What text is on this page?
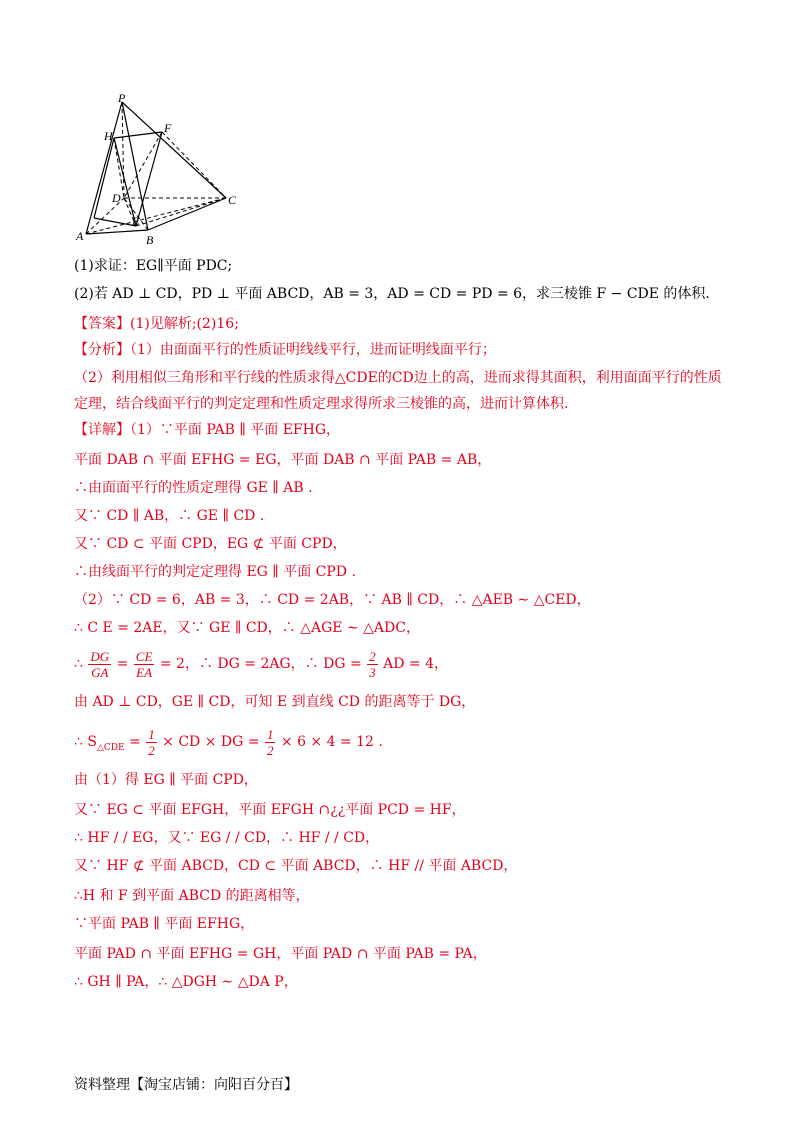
P
H
F
D	C
A
E
B
(1)求证：EG∥平面 PDC;
(2)若 AD ⊥ CD，PD ⊥ 平面 ABCD，AB = 3，AD = CD = PD = 6，求三棱锥 F − CDE 的体积.
【答案】(1)见解析;(2)16;
【分析】（1）由面面平行的性质证明线线平行，进而证明线面平行；
（2）利用相似三角形和平行线的性质求得△CDE的CD边上的高，进而求得其面积，利用面面平行的性质
定理，结合线面平行的判定定理和性质定理求得所求三棱锥的高，进而计算体积.
【详解】（1）∵平面 PAB ∥ 平面 EFHG，
平面 DAB ∩ 平面 EFHG = EG，平面 DAB ∩ 平面 PAB = AB，
∴由面面平行的性质定理得 GE ∥ AB .
又∵ CD ∥ AB，∴ GE ∥ CD .
又∵ CD ⊂ 平面 CPD，EG ⊄ 平面 CPD，
∴由线面平行的判定定理得 EG ∥ 平面 CPD .
（2）∵ CD = 6，AB = 3，∴ CD = 2AB，∵ AB ∥ CD，∴ △AEB ∼ △CED，
∴ C E = 2AE，又∵ GE ∥ CD，∴ △AGE ∼ △ADC，
∴ $\frac{DG}{GA} = \frac{CE}{EA} = 2$，∴ DG = 2AG，∴ DG = $\frac{2}{3}$ AD = 4，
由 AD ⊥ CD，GE ∥ CD，可知 E 到直线 CD 的距离等于 DG，
∴ $S_{\triangle CDE} = \frac{1}{2}$ × CD × DG = $\frac{1}{2} \times 6 \times 4 = 12$ .
由（1）得 EG ∥ 平面 CPD，
又∵ EG ⊂ 平面 EFGH，平面 EFGH ∩¿¿平面 PCD = HF，
∴ HF / / EG，又∵ EG / / CD，∴ HF / / CD，
又∵ HF ⊄ 平面 ABCD，CD ⊂ 平面 ABCD，∴ HF // 平面 ABCD，
∴H 和 F 到平面 ABCD 的距离相等，
∵平面 PAB ∥ 平面 EFHG，
平面 PAD ∩ 平面 EFHG = GH，平面 PAD ∩ 平面 PAB = PA，
∴ GH ∥ PA，∴ △DGH ∼ △DA P，
资料整理【淘宝店铺：向阳百分百】
